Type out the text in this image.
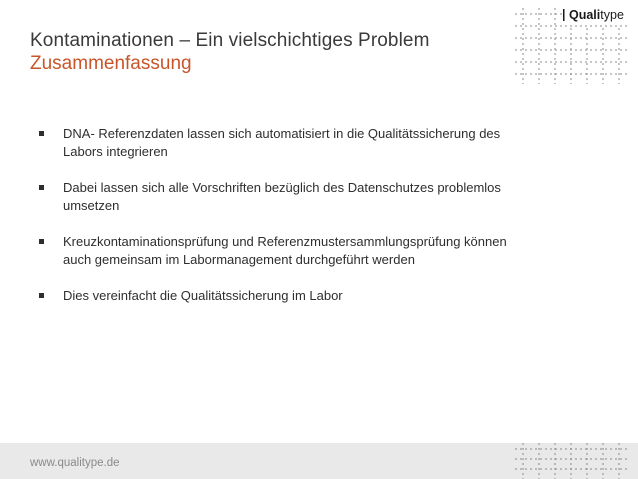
Kontaminationen – Ein vielschichtiges Problem
Zusammenfassung
Qualitype
DNA- Referenzdaten lassen sich automatisiert in die Qualitätssicherung des
Labors integrieren
Dabei lassen sich alle Vorschriften bezüglich des Datenschutzes problemlos
umsetzen
Kreuzkontaminationsprüfung und Referenzmustersammlungsprüfung können
auch gemeinsam im Labormanagement durchgeführt werden
Dies vereinfacht die Qualitätssicherung im Labor
www.qualitype.de
